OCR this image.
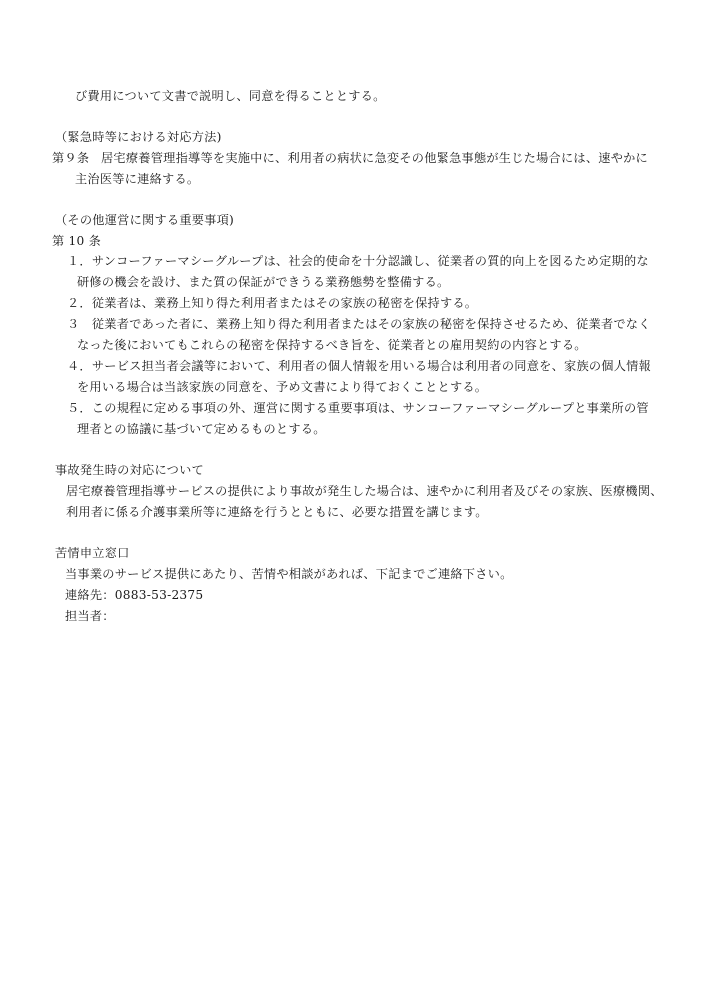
び費用について文書で説明し、同意を得ることとする。
（緊急時等における対応方法)
第９条 居宅療養管理指導等を実施中に、利用者の病状に急変その他緊急事態が生じた場合には、速やかに
主治医等に連絡する。
（その他運営に関する重要事項)
第 10 条
１．サンコーファーマシーグループは、社会的使命を十分認識し、従業者の質的向上を図るため定期的な
研修の機会を設け、また質の保証ができうる業務態勢を整備する。
２．従業者は、業務上知り得た利用者またはその家族の秘密を保持する。
３　従業者であった者に、業務上知り得た利用者またはその家族の秘密を保持させるため、従業者でなく
なった後においてもこれらの秘密を保持するべき旨を、従業者との雇用契約の内容とする。
４．サービス担当者会議等において、利用者の個人情報を用いる場合は利用者の同意を、家族の個人情報
を用いる場合は当該家族の同意を、予め文書により得ておくこととする。
５．この規程に定める事項の外、運営に関する重要事項は、サンコーファーマシーグループと事業所の管
理者との協議に基づいて定めるものとする。
事故発生時の対応について
居宅療養管理指導サービスの提供により事故が発生した場合は、速やかに利用者及びその家族、医療機関、
利用者に係る介護事業所等に連絡を行うとともに、必要な措置を講じます。
苦情申立窓口
当事業のサービス提供にあたり、苦情や相談があれば、下記までご連絡下さい。
連絡先：0883-53-2375
担当者：
